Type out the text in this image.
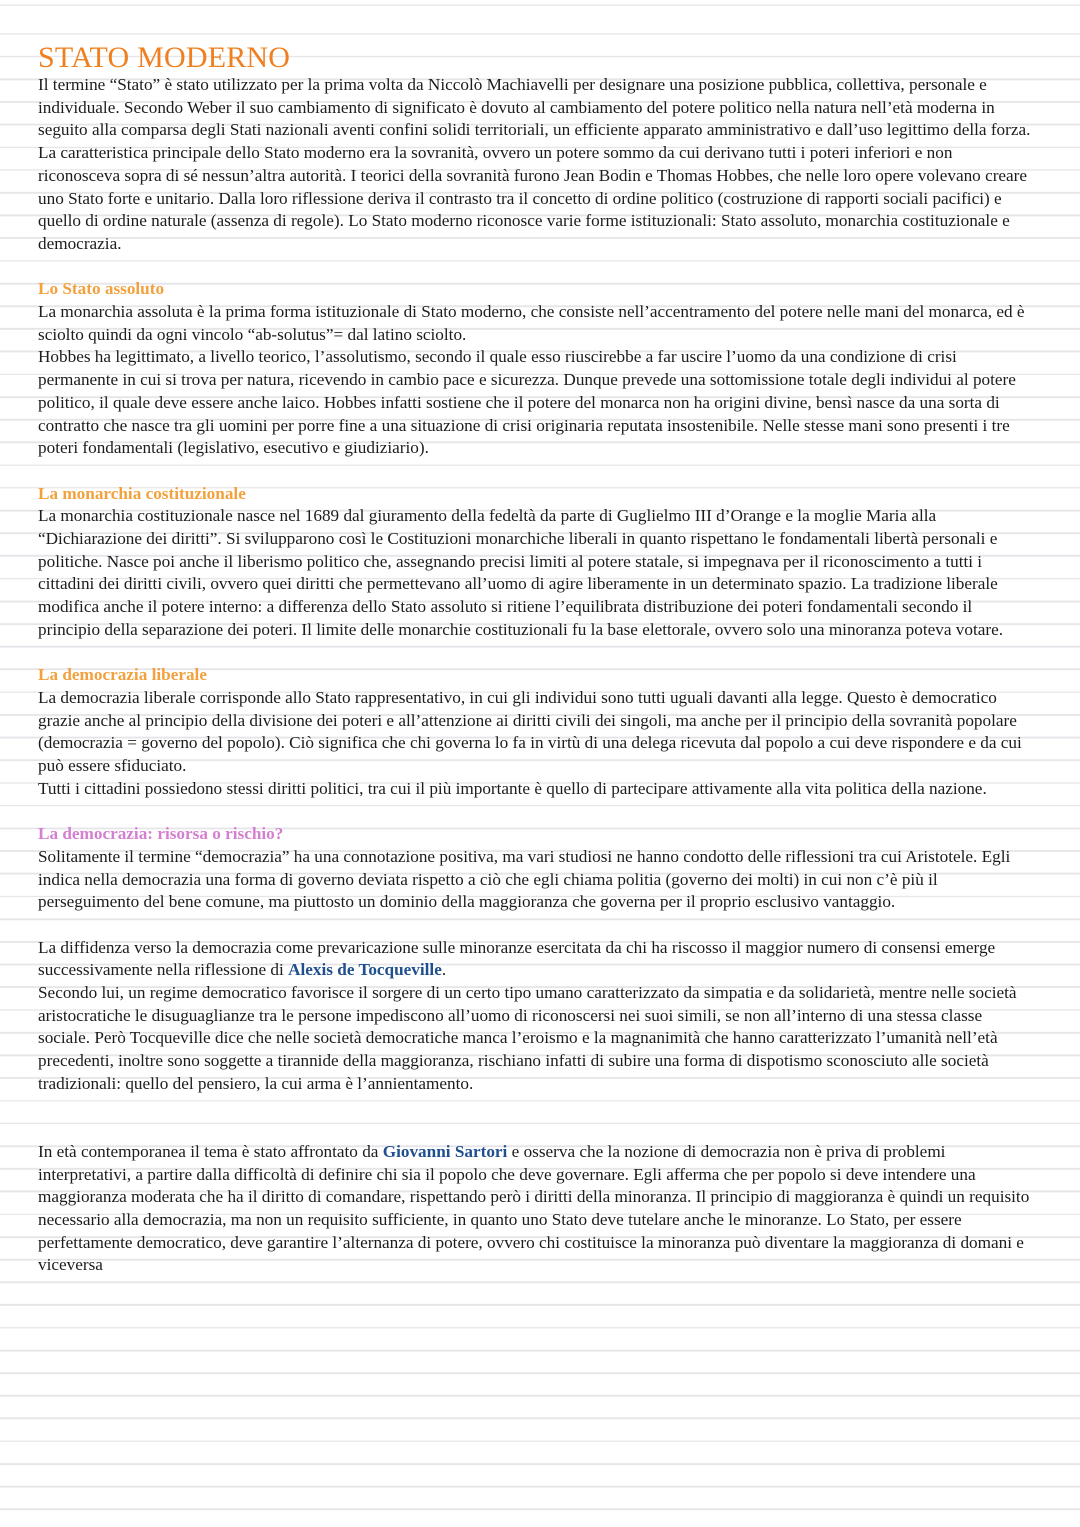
STATO MODERNO

Il termine “Stato” è stato utilizzato per la prima volta da Niccolò Machiavelli per designare una posizione pubblica, collettiva, personale e individuale. Secondo Weber il suo cambiamento di significato è dovuto al cambiamento del potere politico nella natura nell’età moderna in seguito alla comparsa degli Stati nazionali aventi confini solidi territoriali, un efficiente apparato amministrativo e dall’uso legittimo della forza. La caratteristica principale dello Stato moderno era la sovranità, ovvero un potere sommo da cui derivano tutti i poteri inferiori e non riconosceva sopra di sé nessun’altra autorità. I teorici della sovranità furono Jean Bodin e Thomas Hobbes, che nelle loro opere volevano creare uno Stato forte e unitario. Dalla loro riflessione deriva il contrasto tra il concetto di ordine politico (costruzione di rapporti sociali pacifici) e quello di ordine naturale (assenza di regole). Lo Stato moderno riconosce varie forme istituzionali: Stato assoluto, monarchia costituzionale e democrazia.

Lo Stato assoluto

La monarchia assoluta è la prima forma istituzionale di Stato moderno, che consiste nell’accentramento del potere nelle mani del monarca, ed è sciolto quindi da ogni vincolo “ab-solutus”= dal latino sciolto.

Hobbes ha legittimato, a livello teorico, l’assolutismo, secondo il quale esso riuscirebbe a far uscire l’uomo da una condizione di crisi permanente in cui si trova per natura, ricevendo in cambio pace e sicurezza. Dunque prevede una sottomissione totale degli individui al potere politico, il quale deve essere anche laico. Hobbes infatti sostiene che il potere del monarca non ha origini divine, bensì nasce da una sorta di contratto che nasce tra gli uomini per porre fine a una situazione di crisi originaria reputata insostenibile. Nelle stesse mani sono presenti i tre poteri fondamentali (legislativo, esecutivo e giudiziario).

La monarchia costituzionale

La monarchia costituzionale nasce nel 1689 dal giuramento della fedeltà da parte di Guglielmo III d’Orange e la moglie Maria alla “Dichiarazione dei diritti”. Si svilupparono così le Costituzioni monarchiche liberali in quanto rispettano le fondamentali libertà personali e politiche. Nasce poi anche il liberismo politico che, assegnando precisi limiti al potere statale, si impegnava per il riconoscimento a tutti i cittadini dei diritti civili, ovvero quei diritti che permettevano all’uomo di agire liberamente in un determinato spazio. La tradizione liberale modifica anche il potere interno: a differenza dello Stato assoluto si ritiene l’equilibrata distribuzione dei poteri fondamentali secondo il principio della separazione dei poteri. Il limite delle monarchie costituzionali fu la base elettorale, ovvero solo una minoranza poteva votare.

La democrazia liberale

La democrazia liberale corrisponde allo Stato rappresentativo, in cui gli individui sono tutti uguali davanti alla legge. Questo è democratico grazie anche al principio della divisione dei poteri e all’attenzione ai diritti civili dei singoli, ma anche per il principio della sovranità popolare (democrazia = governo del popolo). Ciò significa che chi governa lo fa in virtù di una delega ricevuta dal popolo a cui deve rispondere e da cui può essere sfiduciato.

Tutti i cittadini possiedono stessi diritti politici, tra cui il più importante è quello di partecipare attivamente alla vita politica della nazione.

La democrazia: risorsa o rischio?

Solitamente il termine “democrazia” ha una connotazione positiva, ma vari studiosi ne hanno condotto delle riflessioni tra cui Aristotele. Egli indica nella democrazia una forma di governo deviata rispetto a ciò che egli chiama politia (governo dei molti) in cui non c’è più il perseguimento del bene comune, ma piuttosto un dominio della maggioranza che governa per il proprio esclusivo vantaggio.

La diffidenza verso la democrazia come prevaricazione sulle minoranze esercitata da chi ha riscosso il maggior numero di consensi emerge successivamente nella riflessione di Alexis de Tocqueville.

Secondo lui, un regime democratico favorisce il sorgere di un certo tipo umano caratterizzato da simpatia e da solidarietà, mentre nelle società aristocratiche le disuguaglianze tra le persone impediscono all’uomo di riconoscersi nei suoi simili, se non all’interno di una stessa classe sociale. Però Tocqueville dice che nelle società democratiche manca l’eroismo e la magnanimità che hanno caratterizzato l’umanità nell’età precedenti, inoltre sono soggette a tirannide della maggioranza, rischiano infatti di subire una forma di dispotismo sconosciuto alle società tradizionali: quello del pensiero, la cui arma è l’annientamento.

In età contemporanea il tema è stato affrontato da Giovanni Sartori e osserva che la nozione di democrazia non è priva di problemi interpretativi, a partire dalla difficoltà di definire chi sia il popolo che deve governare. Egli afferma che per popolo si deve intendere una maggioranza moderata che ha il diritto di comandare, rispettando però i diritti della minoranza. Il principio di maggioranza è quindi un requisito necessario alla democrazia, ma non un requisito sufficiente, in quanto uno Stato deve tutelare anche le minoranze. Lo Stato, per essere perfettamente democratico, deve garantire l’alternanza di potere, ovvero chi costituisce la minoranza può diventare la maggioranza di domani e viceversa
